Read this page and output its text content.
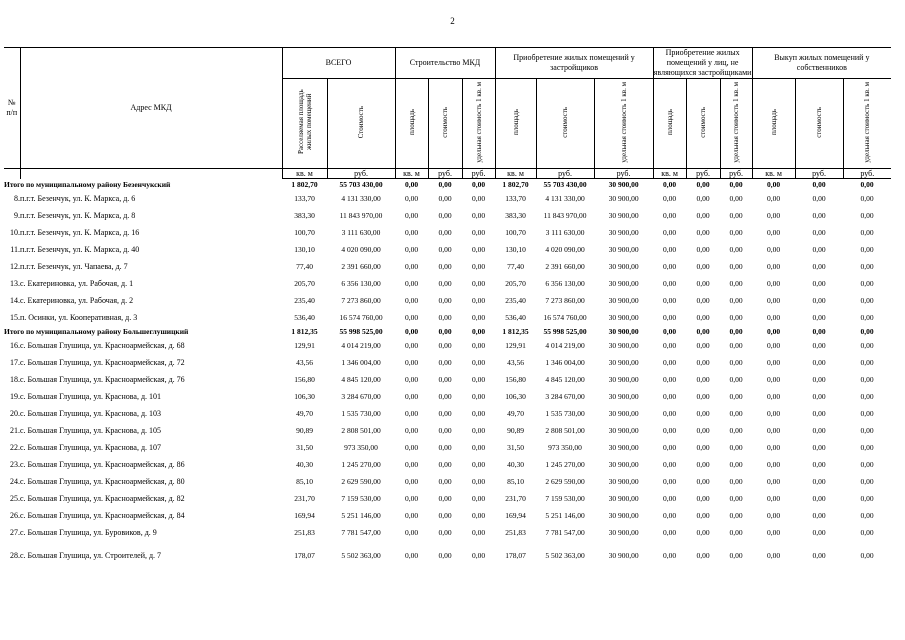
2
№ п/п	Адрес МКД	ВСЕГО		Строительство МКД			Приобретение жилых помещений у застройщиков			Приобретение жилых помещений у лиц, не являющихся застройщиками			Выкуп жилых помещений у собственников		
		Расселяемая площадь жилых помещений	Стоимость	площадь	стоимость	удельная стоимость 1 кв. м	площадь	стоимость	удельная стоимость 1 кв. м	площадь	стоимость	удельная стоимость 1 кв. м	площадь	стоимость	удельная стоимость 1 кв. м
		кв. м	руб.	кв. м	руб.	руб.	кв. м	руб.	руб.	кв. м	руб.	руб.	кв. м	руб.	руб.
Итого по муниципальному району Безенчукский		1 802,70	55 703 430,00	0,00	0,00	0,00	1 802,70	55 703 430,00	30 900,00	0,00	0,00	0,00	0,00	0,00	0,00
8.	п.г.т. Безенчук, ул. К. Маркса, д. 6	133,70	4 131 330,00	0,00	0,00	0,00	133,70	4 131 330,00	30 900,00	0,00	0,00	0,00	0,00	0,00	0,00
9.	п.г.т. Безенчук, ул. К. Маркса, д. 8	383,30	11 843 970,00	0,00	0,00	0,00	383,30	11 843 970,00	30 900,00	0,00	0,00	0,00	0,00	0,00	0,00
10.	п.г.т. Безенчук, ул. К. Маркса, д. 16	100,70	3 111 630,00	0,00	0,00	0,00	100,70	3 111 630,00	30 900,00	0,00	0,00	0,00	0,00	0,00	0,00
11.	п.г.т. Безенчук, ул. К. Маркса, д. 40	130,10	4 020 090,00	0,00	0,00	0,00	130,10	4 020 090,00	30 900,00	0,00	0,00	0,00	0,00	0,00	0,00
12.	п.г.т. Безенчук, ул. Чапаева, д. 7	77,40	2 391 660,00	0,00	0,00	0,00	77,40	2 391 660,00	30 900,00	0,00	0,00	0,00	0,00	0,00	0,00
13.	с. Екатериновка, ул. Рабочая, д. 1	205,70	6 356 130,00	0,00	0,00	0,00	205,70	6 356 130,00	30 900,00	0,00	0,00	0,00	0,00	0,00	0,00
14.	с. Екатериновка, ул. Рабочая, д. 2	235,40	7 273 860,00	0,00	0,00	0,00	235,40	7 273 860,00	30 900,00	0,00	0,00	0,00	0,00	0,00	0,00
15.	п. Осинки, ул. Кооперативная, д. 3	536,40	16 574 760,00	0,00	0,00	0,00	536,40	16 574 760,00	30 900,00	0,00	0,00	0,00	0,00	0,00	0,00
Итого по муниципальному району Большеглушицкий		1 812,35	55 998 525,00	0,00	0,00	0,00	1 812,35	55 998 525,00	30 900,00	0,00	0,00	0,00	0,00	0,00	0,00
16.	с. Большая Глушица, ул. Красноармейская, д. 68	129,91	4 014 219,00	0,00	0,00	0,00	129,91	4 014 219,00	30 900,00	0,00	0,00	0,00	0,00	0,00	0,00
17.	с. Большая Глушица, ул. Красноармейская, д. 72	43,56	1 346 004,00	0,00	0,00	0,00	43,56	1 346 004,00	30 900,00	0,00	0,00	0,00	0,00	0,00	0,00
18.	с. Большая Глушица, ул. Красноармейская, д. 76	156,80	4 845 120,00	0,00	0,00	0,00	156,80	4 845 120,00	30 900,00	0,00	0,00	0,00	0,00	0,00	0,00
19.	с. Большая Глушица, ул. Краснова, д. 101	106,30	3 284 670,00	0,00	0,00	0,00	106,30	3 284 670,00	30 900,00	0,00	0,00	0,00	0,00	0,00	0,00
20.	с. Большая Глушица, ул. Краснова, д. 103	49,70	1 535 730,00	0,00	0,00	0,00	49,70	1 535 730,00	30 900,00	0,00	0,00	0,00	0,00	0,00	0,00
21.	с. Большая Глушица, ул. Краснова, д. 105	90,89	2 808 501,00	0,00	0,00	0,00	90,89	2 808 501,00	30 900,00	0,00	0,00	0,00	0,00	0,00	0,00
22.	с. Большая Глушица, ул. Краснова, д. 107	31,50	973 350,00	0,00	0,00	0,00	31,50	973 350,00	30 900,00	0,00	0,00	0,00	0,00	0,00	0,00
23.	с. Большая Глушица, ул. Красноармейская, д. 86	40,30	1 245 270,00	0,00	0,00	0,00	40,30	1 245 270,00	30 900,00	0,00	0,00	0,00	0,00	0,00	0,00
24.	с. Большая Глушица, ул. Красноармейская, д. 80	85,10	2 629 590,00	0,00	0,00	0,00	85,10	2 629 590,00	30 900,00	0,00	0,00	0,00	0,00	0,00	0,00
25.	с. Большая Глушица, ул. Красноармейская, д. 82	231,70	7 159 530,00	0,00	0,00	0,00	231,70	7 159 530,00	30 900,00	0,00	0,00	0,00	0,00	0,00	0,00
26.	с. Большая Глушица, ул. Красноармейская, д. 84	169,94	5 251 146,00	0,00	0,00	0,00	169,94	5 251 146,00	30 900,00	0,00	0,00	0,00	0,00	0,00	0,00
27.	с. Большая Глушица, ул. Буровиков, д. 9	251,83	7 781 547,00	0,00	0,00	0,00	251,83	7 781 547,00	30 900,00	0,00	0,00	0,00	0,00	0,00	0,00

28.	с. Большая Глушица, ул. Строителей, д. 7	178,07	5 502 363,00	0,00	0,00	0,00	178,07	5 502 363,00	30 900,00	0,00	0,00	0,00	0,00	0,00	0,00
